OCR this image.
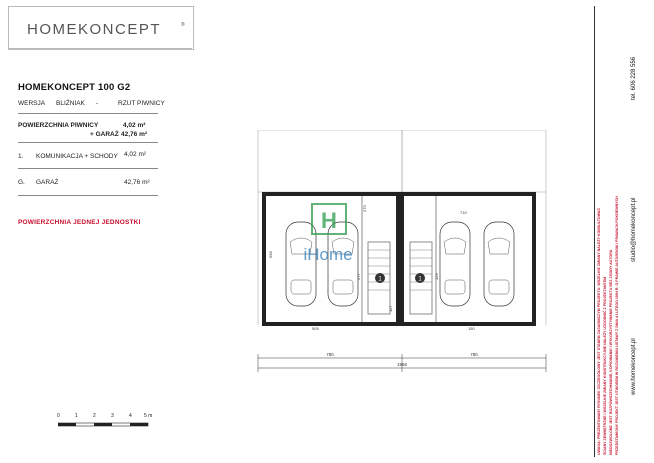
HOMEKONCEPT	®
HOMEKONCEPT 100 G2
WERSJA BLIŹNIAK -	RZUT PIWNICY
POWIERZCHNIA PIWNICY	4,02 m²
+ GARAŻ 42,76 m²
1. KOMUNIKACJA + SCHODY 4,02 m²
G. GARAŻ	42,76 m²
POWIERZCHNIA JEDNEJ JEDNOSTKI
0	1	2	3	4 5 m	UWAGA: PREZENTOWANY RYSUNEK SZCZEGÓŁOWY JEST STANEM ZASADNICZYM PROJEKTU. WSZELKIE ZMIANY NALEŻY KONSULTOWAĆ ŚCIANY ZEWNĘTRZNE I WSZELKIE ZMIANY KONSTRUKCYJNE NALEŻY UZGODNIĆ Z PROJEKTANTEM NIEDOZWOLONE JEST ROZPOWSZECHNIANIE, KOPIOWANIE I WYKORZYSTYWANIE PROJEKTU BEZ ZGODY AUTORA PRZEDSTAWIONY PROJEKT JEST UTWOREM W ROZUMIENIU USTAWY Z DNIA 4 LUTEGO 1994 R. O PRAWIE AUTORSKIM I PRAWACH POKREWNYCH
tel. 606 228 556
studio@homekoncept.pl
www.homekoncept.pl
1	1
H
iHome
710
658
277
270
117
129
505	150
780	780
1566
